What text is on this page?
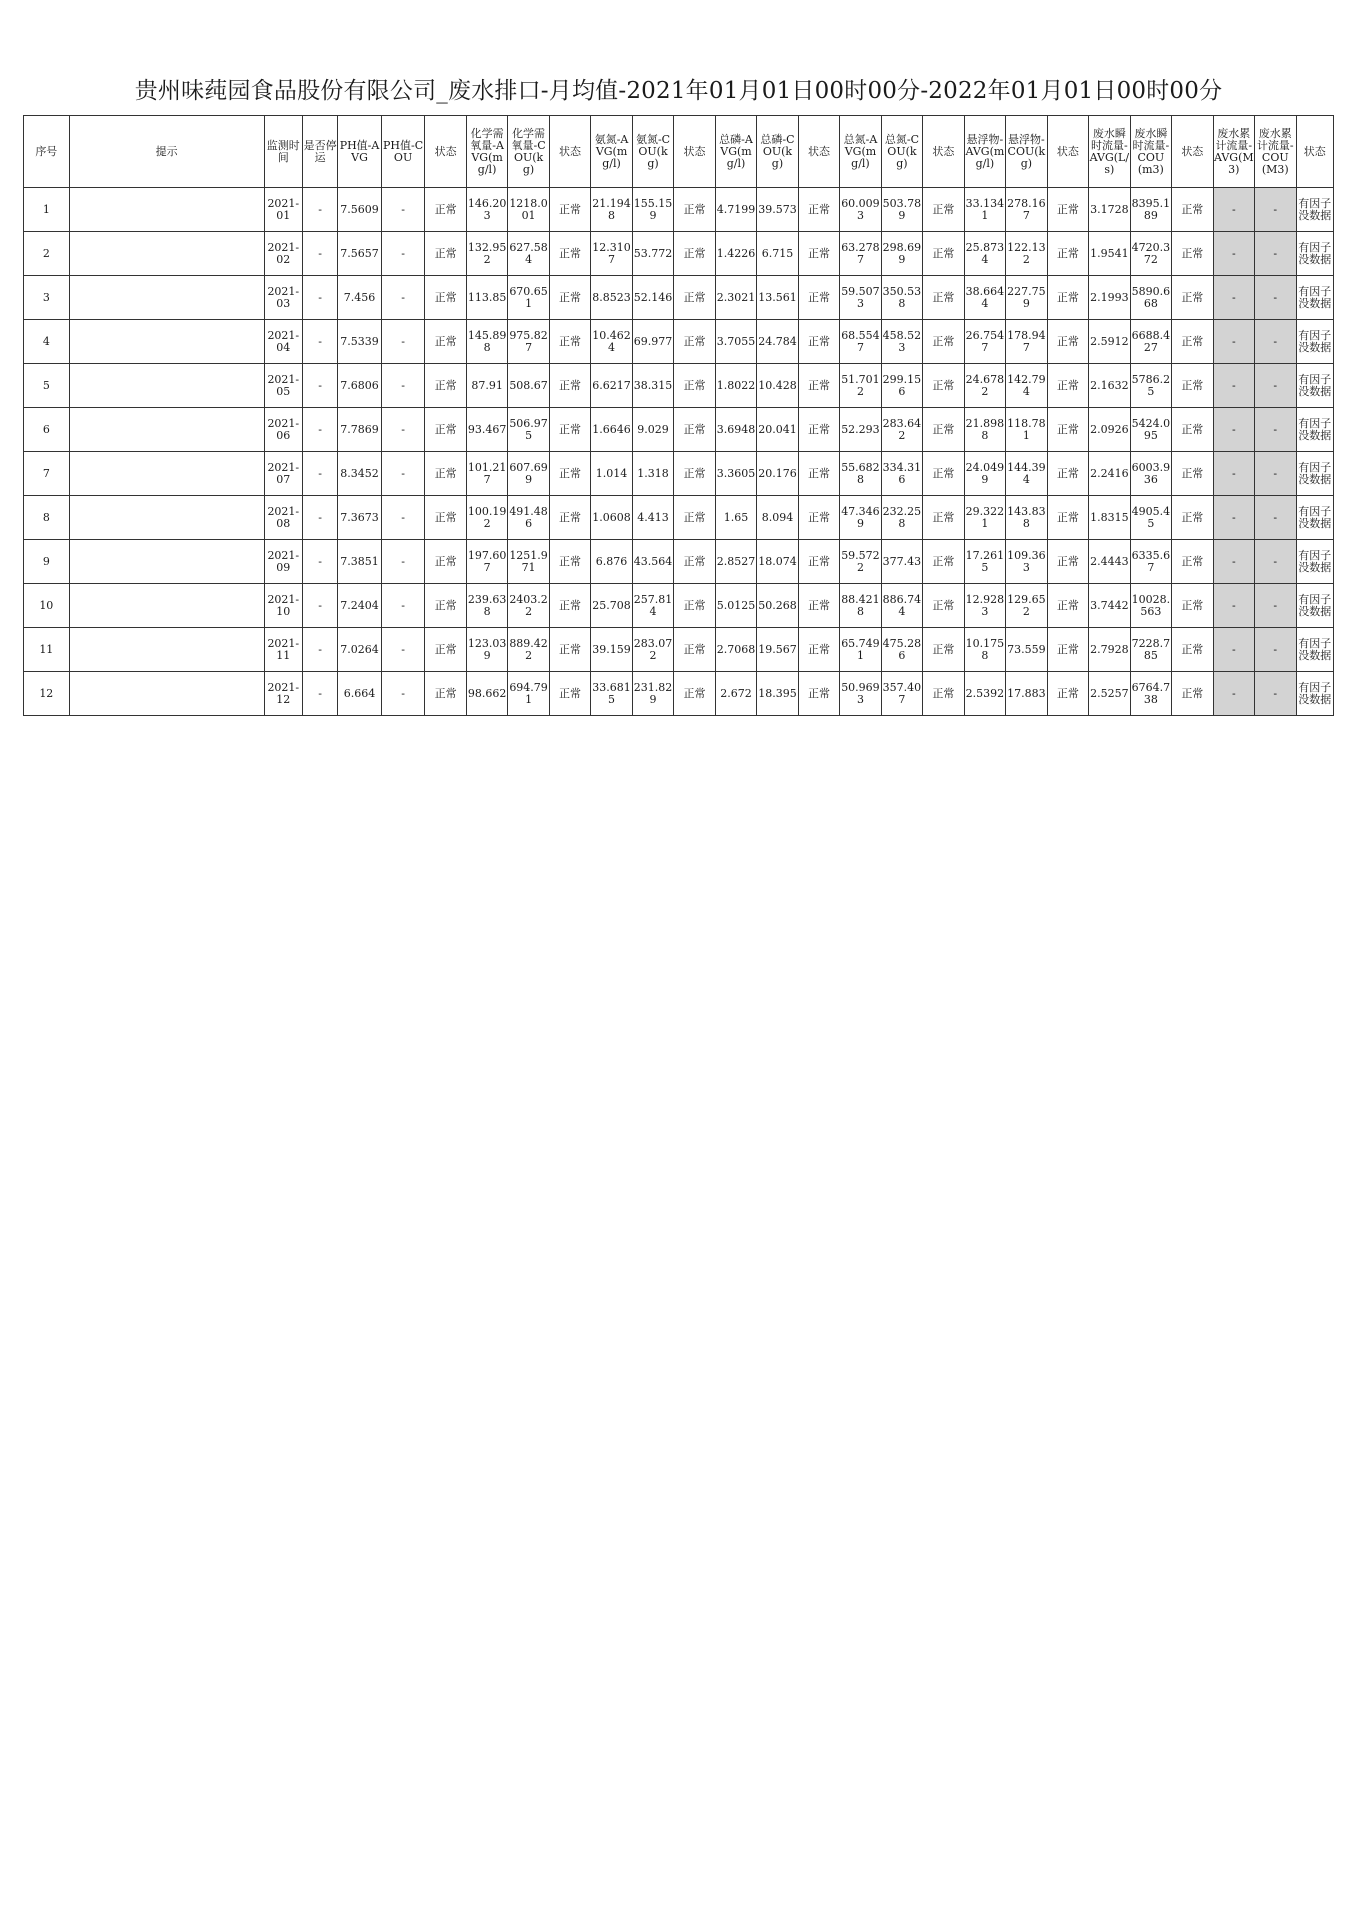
贵州味莼园食品股份有限公司_废水排口-月均值-2021年01月01日00时00分-2022年01月01日00时00分
序号	提示	监测时间	是否停运	PH值-AVG	PH值-COU	状态	化学需氧量-AVG(mg/l)	化学需氧量-COU(kg)	状态	氨氮-AVG(mg/l)	氨氮-COU(kg)	状态	总磷-AVG(mg/l)	总磷-COU(kg)	状态	总氮-AVG(mg/l)	总氮-COU(kg)	状态	悬浮物-AVG(mg/l)	悬浮物-COU(kg)	状态	废水瞬时流量-AVG(L/s)	废水瞬时流量-COU(m3)	状态	废水累计流量-AVG(M3)	废水累计流量-COU(M3)	状态
1		2021-01	-	7.5609	-	正常	146.203	1218.001	正常	21.1948	155.159	正常	4.7199	39.573	正常	60.0093	503.789	正常	33.1341	278.167	正常	3.1728	8395.189	正常	-	-	有因子没数据
2		2021-02	-	7.5657	-	正常	132.952	627.584	正常	12.3107	53.772	正常	1.4226	6.715	正常	63.2787	298.699	正常	25.8734	122.132	正常	1.9541	4720.372	正常	-	-	有因子没数据
3		2021-03	-	7.456	-	正常	113.85	670.651	正常	8.8523	52.146	正常	2.3021	13.561	正常	59.5073	350.538	正常	38.6644	227.759	正常	2.1993	5890.668	正常	-	-	有因子没数据
4		2021-04	-	7.5339	-	正常	145.898	975.827	正常	10.4624	69.977	正常	3.7055	24.784	正常	68.5547	458.523	正常	26.7547	178.947	正常	2.5912	6688.427	正常	-	-	有因子没数据
5		2021-05	-	7.6806	-	正常	87.91	508.67	正常	6.6217	38.315	正常	1.8022	10.428	正常	51.7012	299.156	正常	24.6782	142.794	正常	2.1632	5786.25	正常	-	-	有因子没数据
6		2021-06	-	7.7869	-	正常	93.467	506.975	正常	1.6646	9.029	正常	3.6948	20.041	正常	52.293	283.642	正常	21.8988	118.781	正常	2.0926	5424.095	正常	-	-	有因子没数据
7		2021-07	-	8.3452	-	正常	101.217	607.699	正常	1.014	1.318	正常	3.3605	20.176	正常	55.6828	334.316	正常	24.0499	144.394	正常	2.2416	6003.936	正常	-	-	有因子没数据
8		2021-08	-	7.3673	-	正常	100.192	491.486	正常	1.0608	4.413	正常	1.65	8.094	正常	47.3469	232.258	正常	29.3221	143.838	正常	1.8315	4905.45	正常	-	-	有因子没数据
9		2021-09	-	7.3851	-	正常	197.607	1251.971	正常	6.876	43.564	正常	2.8527	18.074	正常	59.5722	377.43	正常	17.2615	109.363	正常	2.4443	6335.67	正常	-	-	有因子没数据
10		2021-10	-	7.2404	-	正常	239.638	2403.22	正常	25.708	257.814	正常	5.0125	50.268	正常	88.4218	886.744	正常	12.9283	129.652	正常	3.7442	10028.563	正常	-	-	有因子没数据
11		2021-11	-	7.0264	-	正常	123.039	889.422	正常	39.159	283.072	正常	2.7068	19.567	正常	65.7491	475.286	正常	10.1758	73.559	正常	2.7928	7228.785	正常	-	-	有因子没数据
12		2021-12	-	6.664	-	正常	98.662	694.791	正常	33.6815	231.829	正常	2.672	18.395	正常	50.9693	357.407	正常	2.5392	17.883	正常	2.5257	6764.738	正常	-	-	有因子没数据
